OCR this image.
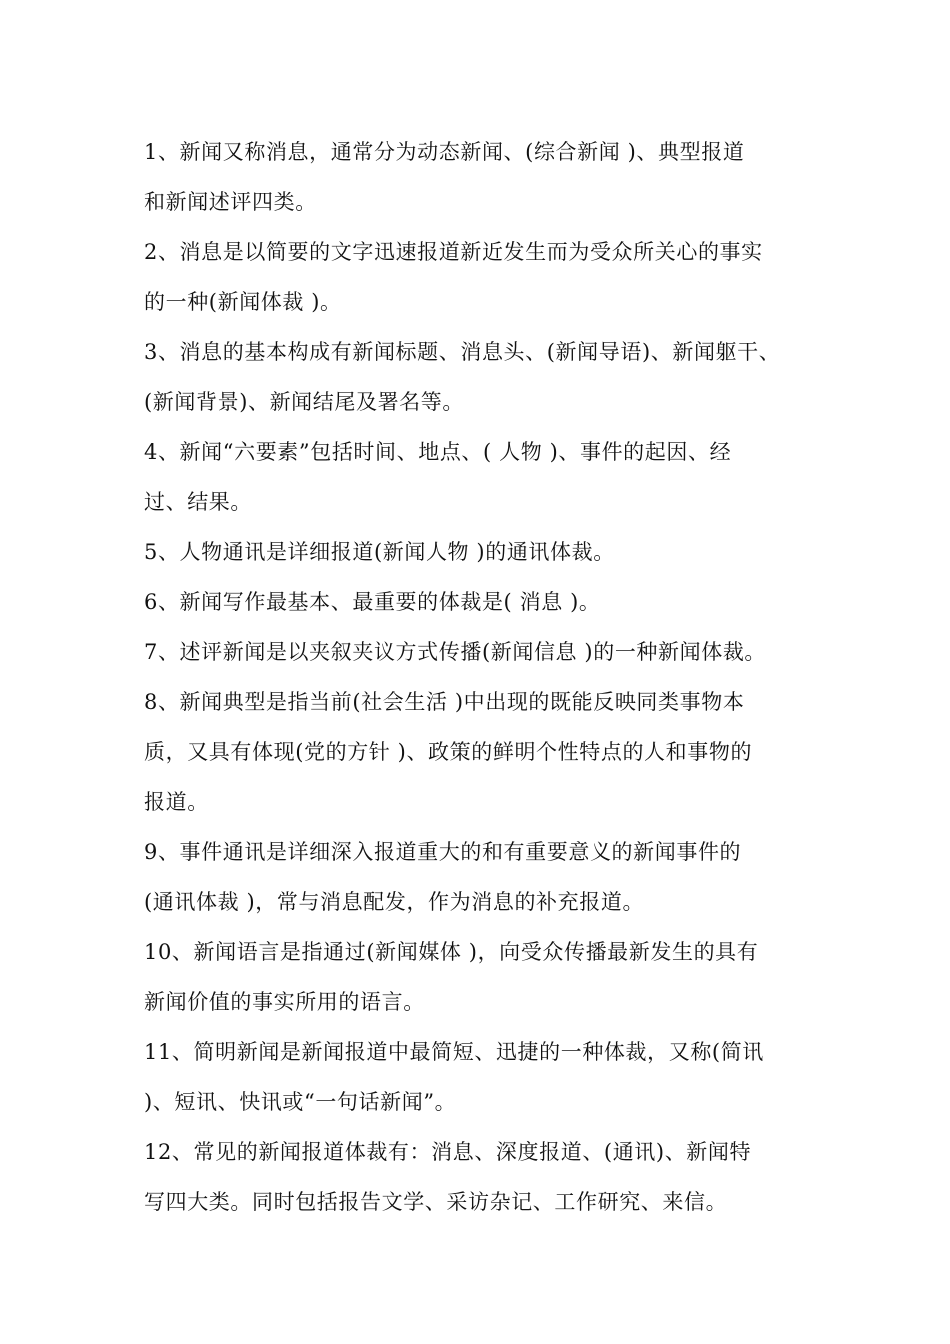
1、新闻又称消息，通常分为动态新闻、(综合新闻 )、典型报道
和新闻述评四类。
2、消息是以简要的文字迅速报道新近发生而为受众所关心的事实
的一种(新闻体裁 )。
3、消息的基本构成有新闻标题、消息头、(新闻导语)、新闻躯干、
(新闻背景)、新闻结尾及署名等。
4、新闻“六要素”包括时间、地点、( 人物 )、事件的起因、经
过、结果。
5、人物通讯是详细报道(新闻人物 )的通讯体裁。
6、新闻写作最基本、最重要的体裁是( 消息 )。
7、述评新闻是以夹叙夹议方式传播(新闻信息 )的一种新闻体裁。
8、新闻典型是指当前(社会生活 )中出现的既能反映同类事物本
质，又具有体现(党的方针 )、政策的鲜明个性特点的人和事物的
报道。
9、事件通讯是详细深入报道重大的和有重要意义的新闻事件的
(通讯体裁 )，常与消息配发，作为消息的补充报道。
10、新闻语言是指通过(新闻媒体 )，向受众传播最新发生的具有
新闻价值的事实所用的语言。
11、简明新闻是新闻报道中最简短、迅捷的一种体裁，又称(简讯
)、短讯、快讯或“一句话新闻”。
12、常见的新闻报道体裁有：消息、深度报道、(通讯)、新闻特
写四大类。同时包括报告文学、采访杂记、工作研究、来信。
